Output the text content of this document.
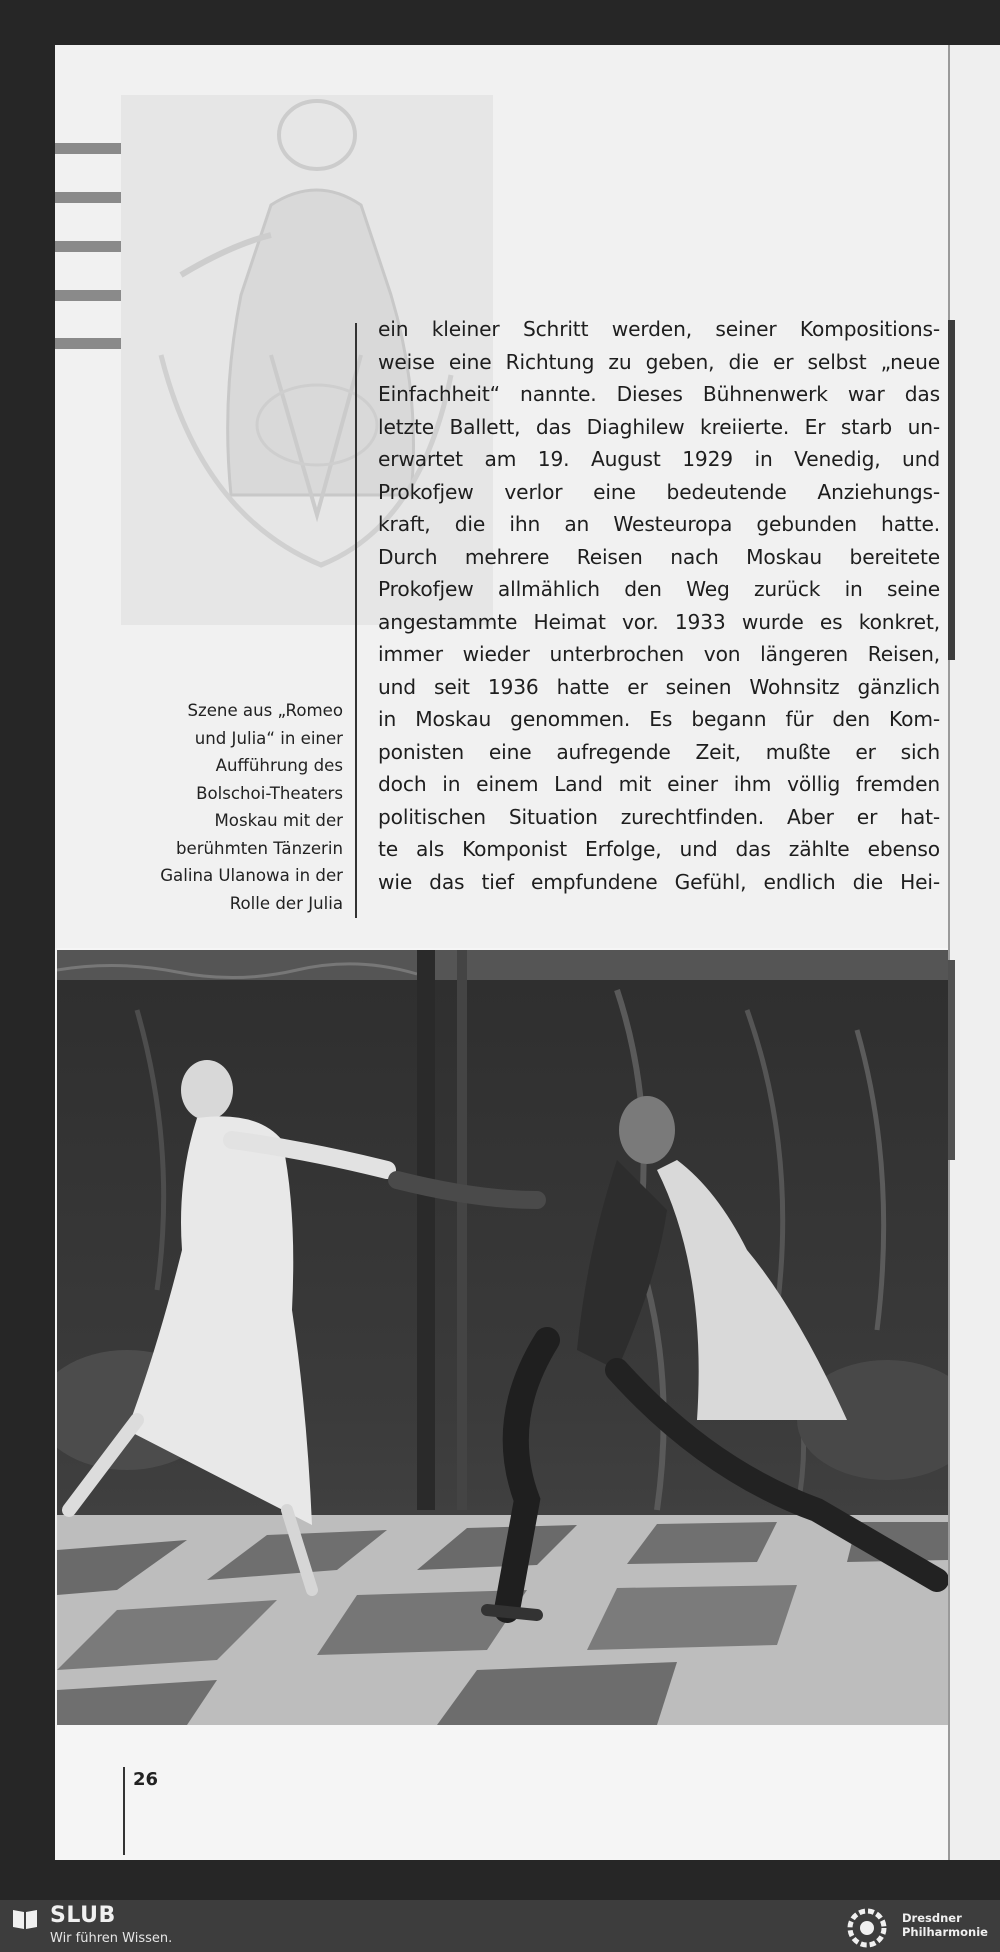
Szene aus „Romeo
und Julia“ in einer
Aufführung des
Bolschoi-Theaters
Moskau mit der
berühmten Tänzerin
Galina Ulanowa in der
Rolle der Julia
ein kleiner Schritt werden, seiner Kompositions-
weise eine Richtung zu geben, die er selbst „neue
Einfachheit“ nannte. Dieses Bühnenwerk war das
letzte Ballett, das Diaghilew kreiierte. Er starb un-
erwartet am 19. August 1929 in Venedig, und
Prokofjew verlor eine bedeutende Anziehungs-
kraft, die ihn an Westeuropa gebunden hatte.
Durch mehrere Reisen nach Moskau bereitete
Prokofjew allmählich den Weg zurück in seine
angestammte Heimat vor. 1933 wurde es konkret,
immer wieder unterbrochen von längeren Reisen,
und seit 1936 hatte er seinen Wohnsitz gänzlich
in Moskau genommen. Es begann für den Kom-
ponisten eine aufregende Zeit, mußte er sich
doch in einem Land mit einer ihm völlig fremden
politischen Situation zurechtfinden. Aber er hat-
te als Komponist Erfolge, und das zählte ebenso
wie das tief empfundene Gefühl, endlich die Hei-
26
SLUB
Wir führen Wissen.
Dresdner
Philharmonie
